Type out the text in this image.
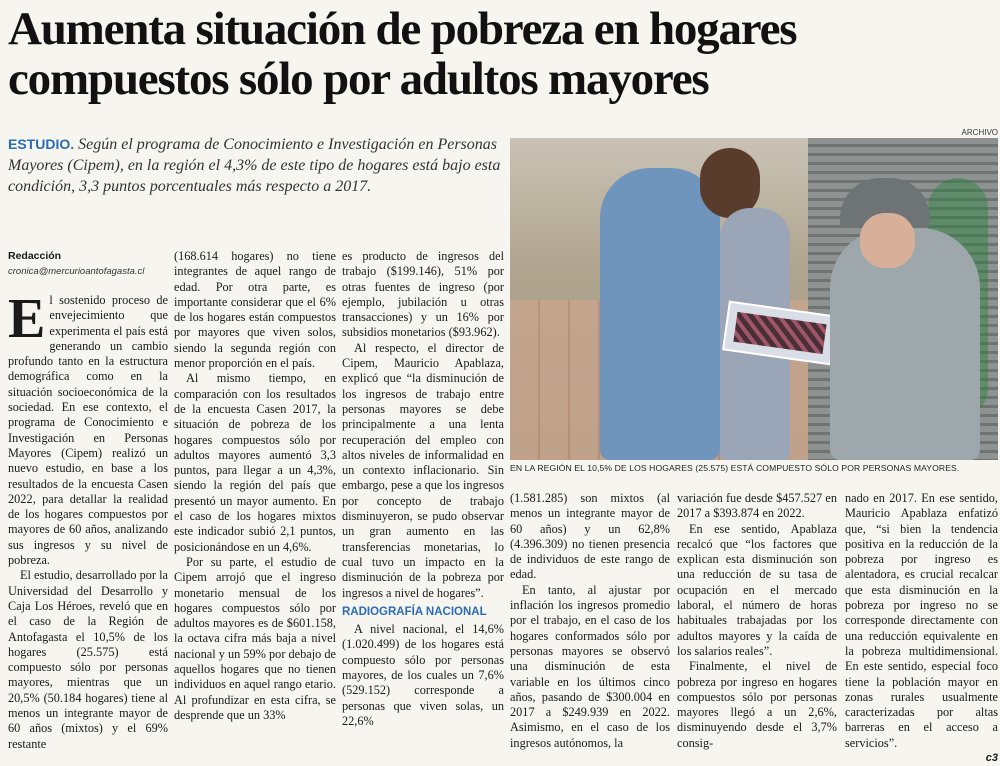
Aumenta situación de pobreza en hogares compuestos sólo por adultos mayores
ESTUDIO. Según el programa de Conocimiento e Investigación en Personas Mayores (Cipem), en la región el 4,3% de este tipo de hogares está bajo esta condición, 3,3 puntos porcentuales más respecto a 2017.
ARCHIVO
EN LA REGIÓN EL 10,5% DE LOS HOGARES (25.575) ESTÁ COMPUESTO SÓLO POR PERSONAS MAYORES.
Redacción
cronica@mercurioantofagasta.cl

El sostenido proceso de envejecimiento que experimenta el país está generando un cambio profundo tanto en la estructura demográfica como en la situación socioeconómica de la sociedad. En ese contexto, el programa de Conocimiento e Investigación en Personas Mayores (Cipem) realizó un nuevo estudio, en base a los resultados de la encuesta Casen 2022, para detallar la realidad de los hogares compuestos por mayores de 60 años, analizando sus ingresos y su nivel de pobreza.

El estudio, desarrollado por la Universidad del Desarrollo y Caja Los Héroes, reveló que en el caso de la Región de Antofagasta el 10,5% de los hogares (25.575) está compuesto sólo por personas mayores, mientras que un 20,5% (50.184 hogares) tiene al menos un integrante mayor de 60 años (mixtos) y el 69% restante

(168.614 hogares) no tiene integrantes de aquel rango de edad. Por otra parte, es importante considerar que el 6% de los hogares están compuestos por mayores que viven solos, siendo la segunda región con menor proporción en el país.

Al mismo tiempo, en comparación con los resultados de la encuesta Casen 2017, la situación de pobreza de los hogares compuestos sólo por adultos mayores aumentó 3,3 puntos, para llegar a un 4,3%, siendo la región del país que presentó un mayor aumento. En el caso de los hogares mixtos este indicador subió 2,1 puntos, posicionándose en un 4,6%.

Por su parte, el estudio de Cipem arrojó que el ingreso monetario mensual de los hogares compuestos sólo por adultos mayores es de $601.158, la octava cifra más baja a nivel nacional y un 59% por debajo de aquellos hogares que no tienen individuos en aquel rango etario. Al profundizar en esta cifra, se desprende que un 33%

es producto de ingresos del trabajo ($199.146), 51% por otras fuentes de ingreso (por ejemplo, jubilación u otras transacciones) y un 16% por subsidios monetarios ($93.962).

Al respecto, el director de Cipem, Mauricio Apablaza, explicó que “la disminución de los ingresos de trabajo entre personas mayores se debe principalmente a una lenta recuperación del empleo con altos niveles de informalidad en un contexto inflacionario. Sin embargo, pese a que los ingresos por concepto de trabajo disminuyeron, se pudo observar un gran aumento en las transferencias monetarias, lo cual tuvo un impacto en la disminución de la pobreza por ingresos a nivel de hogares”.

RADIOGRAFÍA NACIONAL

A nivel nacional, el 14,6% (1.020.499) de los hogares está compuesto sólo por personas mayores, de los cuales un 7,6% (529.152) corresponde a personas que viven solas, un 22,6%

(1.581.285) son mixtos (al menos un integrante mayor de 60 años) y un 62,8% (4.396.309) no tienen presencia de individuos de este rango de edad.

En tanto, al ajustar por inflación los ingresos promedio por el trabajo, en el caso de los hogares conformados sólo por personas mayores se observó una disminución de esta variable en los últimos cinco años, pasando de $300.004 en 2017 a $249.939 en 2022. Asimismo, en el caso de los ingresos autónomos, la

variación fue desde $457.527 en 2017 a $393.874 en 2022.

En ese sentido, Apablaza recalcó que “los factores que explican esta disminución son una reducción de su tasa de ocupación en el mercado laboral, el número de horas habituales trabajadas por los adultos mayores y la caída de los salarios reales”.

Finalmente, el nivel de pobreza por ingreso en hogares compuestos sólo por personas mayores llegó a un 2,6%, disminuyendo desde el 3,7% consig-

nado en 2017. En ese sentido, Mauricio Apablaza enfatizó que, “si bien la tendencia positiva en la reducción de la pobreza por ingreso es alentadora, es crucial recalcar que esta disminución en la pobreza por ingreso no se corresponde directamente con una reducción equivalente en la pobreza multidimensional. En este sentido, especial foco tiene la población mayor en zonas rurales usualmente caracterizadas por altas barreras en el acceso a servicios”.

c3
